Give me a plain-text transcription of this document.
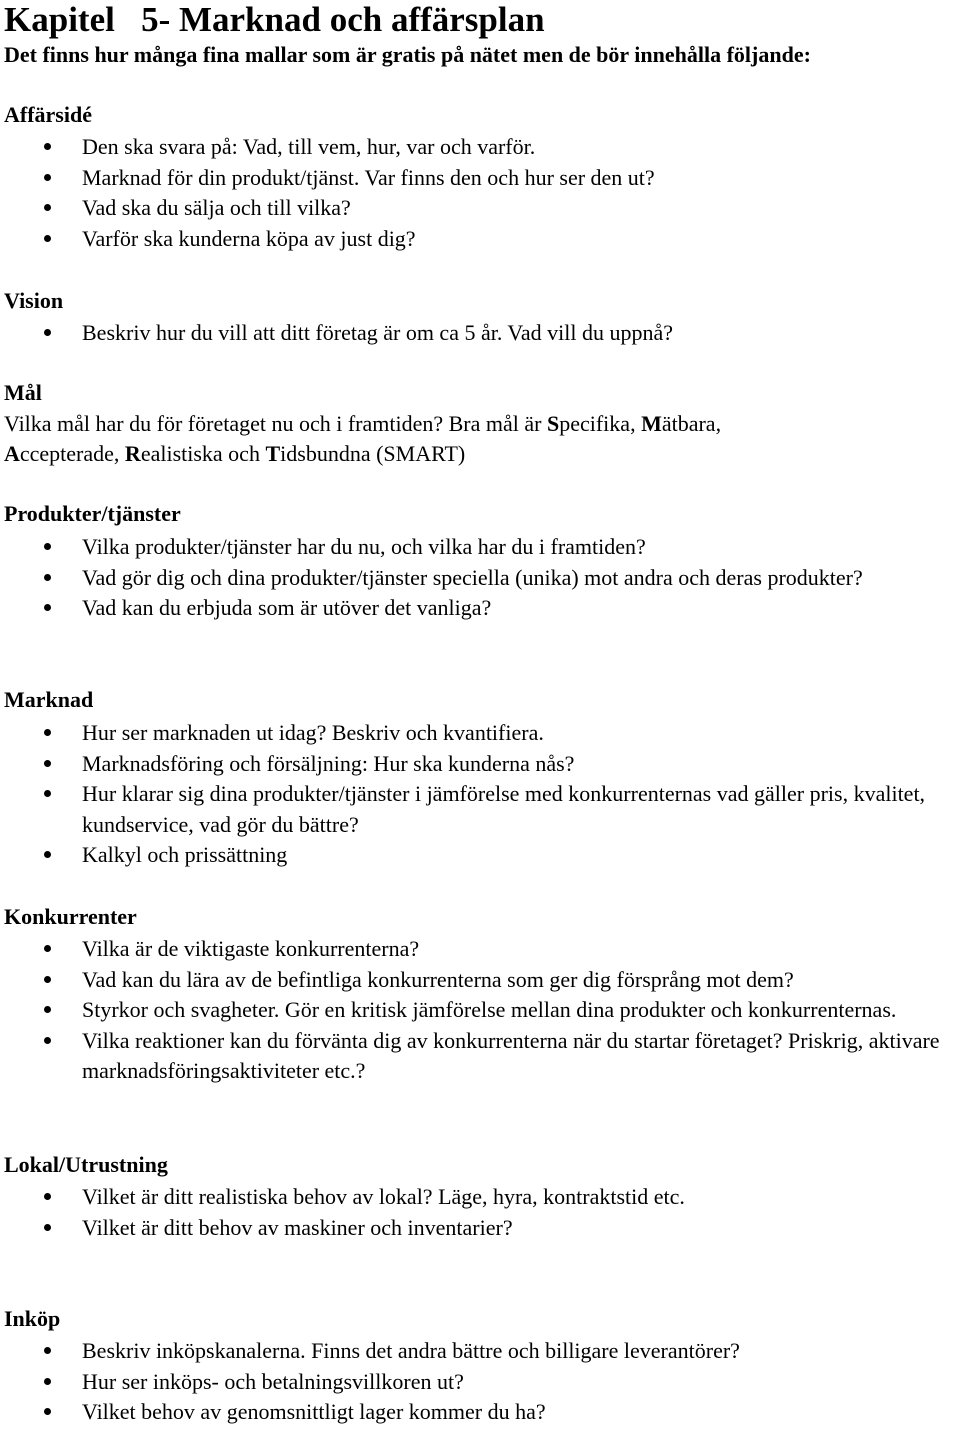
Kapitel   5- Marknad och affärsplan

Det finns hur många fina mallar som är gratis på nätet men de bör innehålla följande:

Affärsidé
Den ska svara på: Vad, till vem, hur, var och varför.
Marknad för din produkt/tjänst. Var finns den och hur ser den ut?
Vad ska du sälja och till vilka?
Varför ska kunderna köpa av just dig?
Vision
Beskriv hur du vill att ditt företag är om ca 5 år. Vad vill du uppnå?
Mål

Vilka mål har du för företaget nu och i framtiden? Bra mål är Specifika, Mätbara,
Accepterade, Realistiska och Tidsbundna (SMART)

Produkter/tjänster
Vilka produkter/tjänster har du nu, och vilka har du i framtiden?
Vad gör dig och dina produkter/tjänster speciella (unika) mot andra och deras produkter?
Vad kan du erbjuda som är utöver det vanliga?
Marknad
Hur ser marknaden ut idag? Beskriv och kvantifiera.
Marknadsföring och försäljning: Hur ska kunderna nås?
Hur klarar sig dina produkter/tjänster i jämförelse med konkurrenternas vad gäller pris, kvalitet, kundservice, vad gör du bättre?
Kalkyl och prissättning
Konkurrenter
Vilka är de viktigaste konkurrenterna?
Vad kan du lära av de befintliga konkurrenterna som ger dig försprång mot dem?
Styrkor och svagheter. Gör en kritisk jämförelse mellan dina produkter och konkurrenternas.
Vilka reaktioner kan du förvänta dig av konkurrenterna när du startar företaget? Priskrig, aktivare marknadsföringsaktiviteter etc.?
Lokal/Utrustning
Vilket är ditt realistiska behov av lokal? Läge, hyra, kontraktstid etc.
Vilket är ditt behov av maskiner och inventarier?
Inköp
Beskriv inköpskanalerna. Finns det andra bättre och billigare leverantörer?
Hur ser inköps- och betalningsvillkoren ut?
Vilket behov av genomsnittligt lager kommer du ha?
